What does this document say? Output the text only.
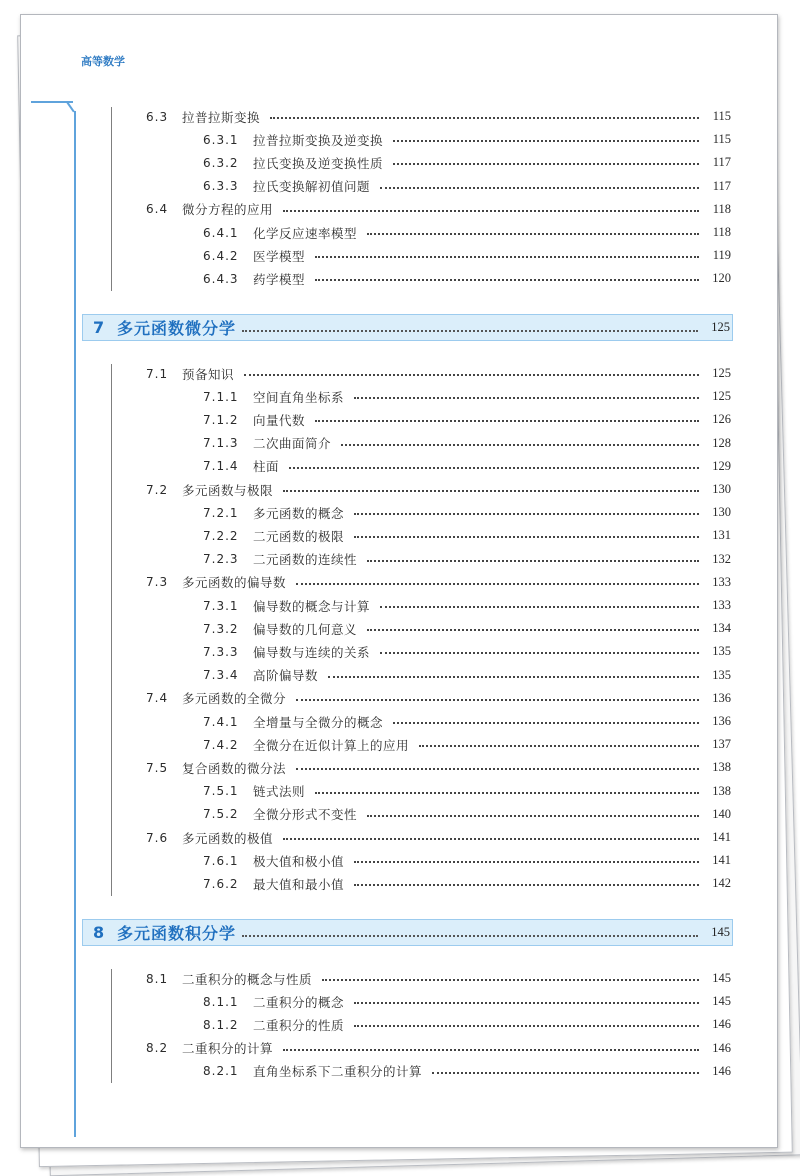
高等数学
6.3	拉普拉斯变换	115
6.3.1	拉普拉斯变换及逆变换	115
6.3.2	拉氏变换及逆变换性质	117
6.3.3	拉氏变换解初值问题	117
6.4	微分方程的应用	118
6.4.1	化学反应速率模型	118
6.4.2	医学模型	119
6.4.3	药学模型	120
7 多元函数微分学	125
7.1	预备知识	125
7.1.1	空间直角坐标系	125
7.1.2	向量代数	126
7.1.3	二次曲面简介	128
7.1.4	柱面	129
7.2	多元函数与极限	130
7.2.1	多元函数的概念	130
7.2.2	二元函数的极限	131
7.2.3	二元函数的连续性	132
7.3	多元函数的偏导数	133
7.3.1	偏导数的概念与计算	133
7.3.2	偏导数的几何意义	134
7.3.3	偏导数与连续的关系	135
7.3.4	高阶偏导数	135
7.4	多元函数的全微分	136
7.4.1	全增量与全微分的概念	136
7.4.2	全微分在近似计算上的应用	137
7.5	复合函数的微分法	138
7.5.1	链式法则	138
7.5.2	全微分形式不变性	140
7.6	多元函数的极值	141
7.6.1	极大值和极小值	141
7.6.2	最大值和最小值	142
8 多元函数积分学	145
8.1	二重积分的概念与性质	145
8.1.1	二重积分的概念	145
8.1.2	二重积分的性质	146
8.2	二重积分的计算	146
8.2.1	直角坐标系下二重积分的计算	146
